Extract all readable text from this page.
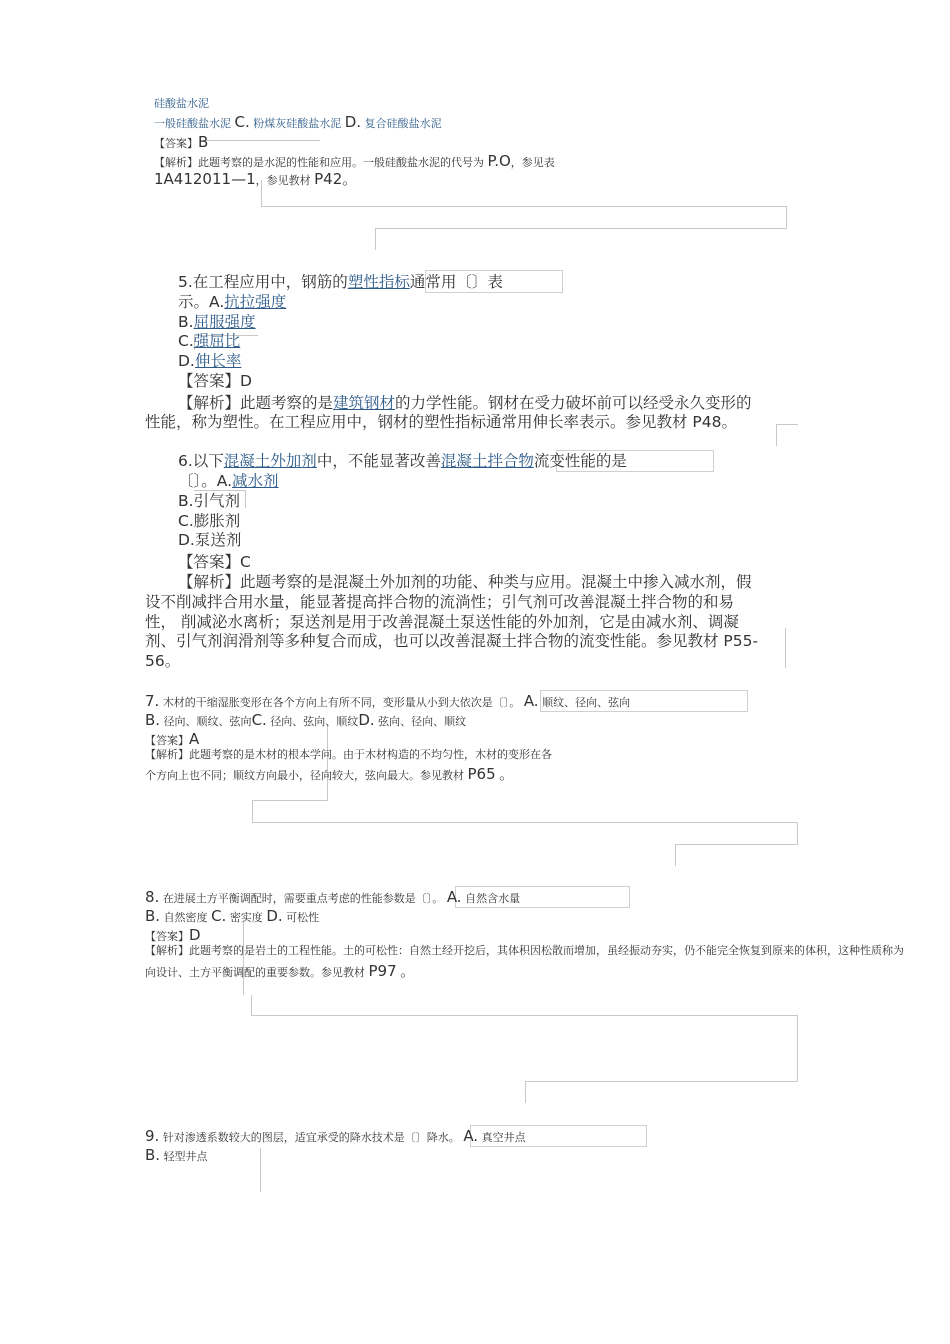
硅酸盐水泥
一般硅酸盐水泥 C. 粉煤灰硅酸盐水泥 D. 复合硅酸盐水泥
【答案】B
【解析】此题考察的是水泥的性能和应用。一般硅酸盐水泥的代号为 P.O，参见表
1A412011—1，参见教材 P42。
5.在工程应用中，钢筋的塑性指标通常用〔〕表
示。A.抗拉强度
B.屈服强度
C.强屈比
D.伸长率
【答案】D
【解析】此题考察的是建筑钢材的力学性能。钢材在受力破坏前可以经受永久变形的
性能，称为塑性。在工程应用中，钢材的塑性指标通常用伸长率表示。参见教材 P48。
6.以下混凝土外加剂中，不能显著改善混凝土拌合物流变性能的是
〔〕。A.减水剂
B.引气剂
C.膨胀剂
D.泵送剂
【答案】C
【解析】此题考察的是混凝土外加剂的功能、种类与应用。混凝土中掺入减水剂，假
设不削减拌合用水量，能显著提高拌合物的流淌性；引气剂可改善混凝土拌合物的和易
性， 削减泌水离析；泵送剂是用于改善混凝土泵送性能的外加剂，它是由减水剂、调凝
剂、引气剂润滑剂等多种复合而成，也可以改善混凝土拌合物的流变性能。参见教材 P55-
56。
7. 木材的干缩湿胀变形在各个方向上有所不同，变形量从小到大依次是〔〕。 A. 顺纹、径向、弦向
B. 径向、顺纹、弦向C. 径向、弦向、顺纹D. 弦向、径向、顺纹
【答案】A
【解析】此题考察的是木材的根本学问。由于木材构造的不均匀性，木材的变形在各
个方向上也不同；顺纹方向最小，径向较大，弦向最大。参见教材 P65 。
8. 在进展土方平衡调配时，需要重点考虑的性能参数是〔〕。 A. 自然含水量
B. 自然密度 C. 密实度 D. 可松性
【答案】D
【解析】此题考察的是岩土的工程性能。土的可松性：自然土经开挖后，其体积因松散而增加，虽经振动夯实，仍不能完全恢复到原来的体积，这种性质称为
向设计、土方平衡调配的重要参数。参见教材 P97 。
9. 针对渗透系数较大的图层，适宜承受的降水技术是〔〕降水。 A. 真空井点
B. 轻型井点
